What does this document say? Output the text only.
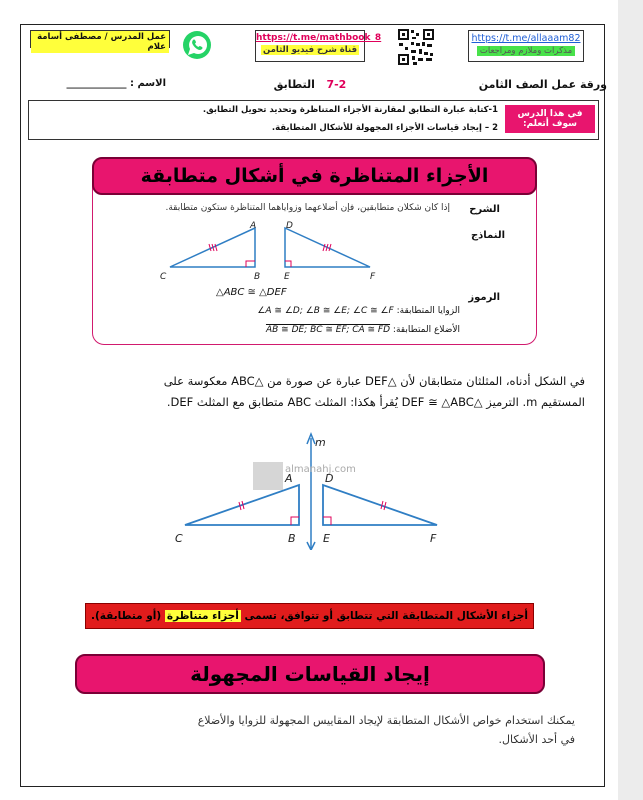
عمل المدرس / مصطفى أسامة علام
https://t.me/mathbook_8
قناة شرح فيديو الثامن
https://t.me/allaaam82
مذكرات وملازم ومراجعات
ورقة عمل الصف الثامن
7-2   التطابق
الاسم : ____________
1-كتابة عبارة التطابق لمقارنة الأجزاء المتناظرة وتحديد تحويل التطابق.
2 – إيجاد قياسات الأجزاء المجهولة للأشكال المتطابقة.
في هذا الدرس سوف أتعلم:
الأجزاء المتناظرة في أشكال متطابقة
الشرح
النماذج
الرموز
إذا كان شكلان متطابقين، فإن أضلاعهما وزواياهما المتناظرة ستكون متطابقة.
A
B
C
D
E	F
△ABC ≅ △DEF
الزوايا المتطابقة: ∠A ≅ ∠D; ∠B ≅ ∠E; ∠C ≅ ∠F
الأضلاع المتطابقة: AB ≅ DE; BC ≅ EF; CA ≅ FD
في الشكل أدناه، المثلثان متطابقان لأن △DEF عبارة عن صورة من △ABC معكوسة على
المستقيم m. الترميز △DEF ≅ △ABC يُقرأ هكذا: المثلث ABC متطابق مع المثلث DEF.
almanahj.com
m
A
B
C
D
E	F
أجزاء الأشكال المتطابقة التي تتطابق أو تتوافق، تسمى أجزاء متناظرة (أو متطابقة).
إيجاد القياسات المجهولة
يمكنك استخدام خواص الأشكال المتطابقة لإيجاد المقاييس المجهولة للزوايا والأضلاع
في أحد الأشكال.
